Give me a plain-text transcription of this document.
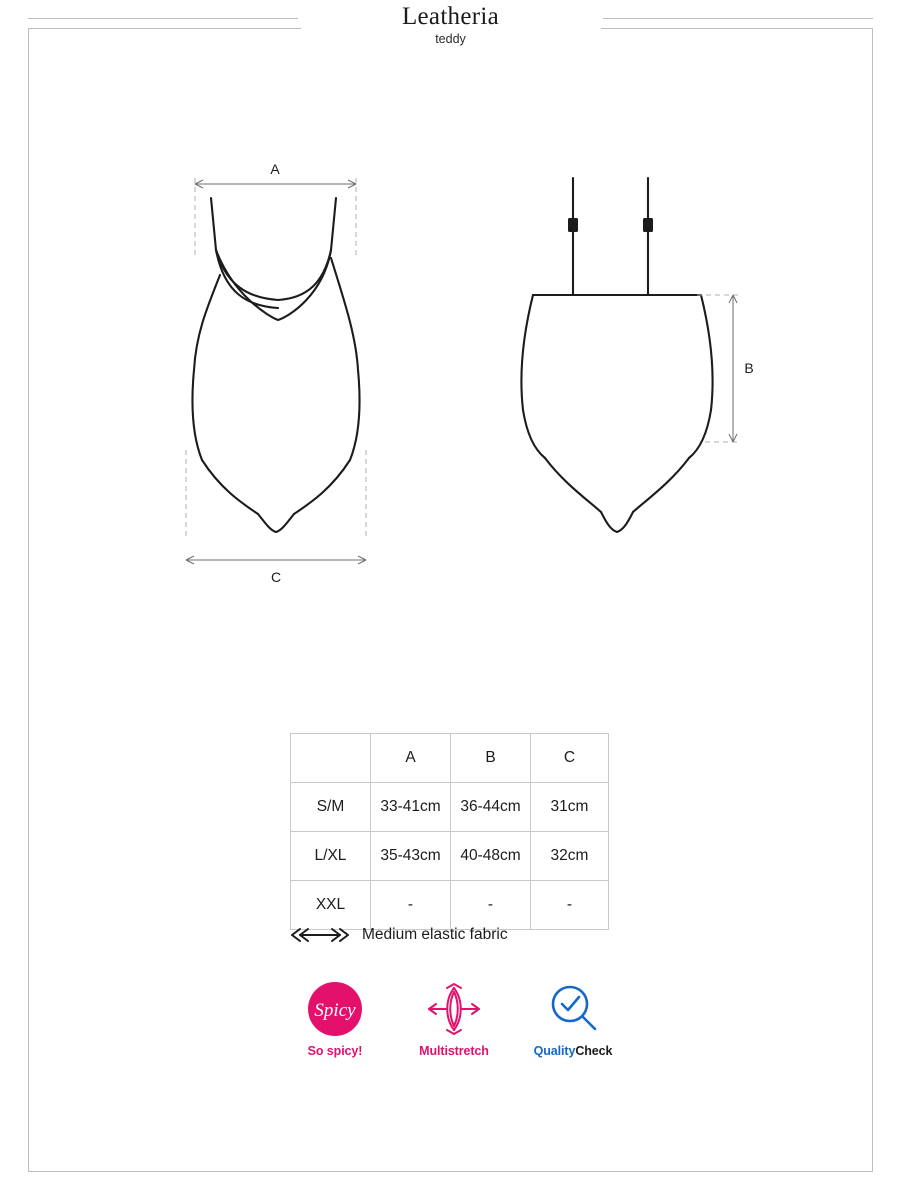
Leatheria
teddy
A
C
B
	A	B	C
S/M	33-41cm	36-44cm	31cm
L/XL	35-43cm	40-48cm	32cm
XXL	-	-	-
Medium elastic fabric
Spicy
So spicy!	Multistretch	QualityCheck
